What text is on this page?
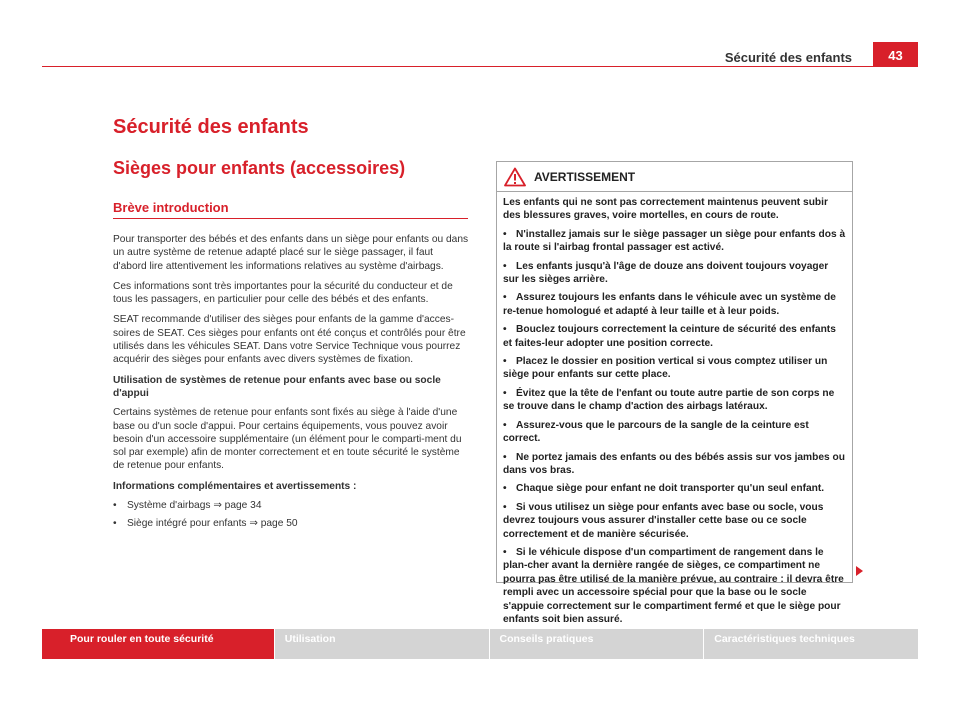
Sécurité des enfants	43
Sécurité des enfants
Sièges pour enfants (accessoires)
Brève introduction

Pour transporter des bébés et des enfants dans un siège pour enfants ou dans un autre système de retenue adapté placé sur le siège passager, il faut d'abord lire attentivement les informations relatives au système d'airbags.

Ces informations sont très importantes pour la sécurité du conducteur et de tous les passagers, en particulier pour celle des bébés et des enfants.

SEAT recommande d'utiliser des sièges pour enfants de la gamme d'acces-soires de SEAT. Ces sièges pour enfants ont été conçus et contrôlés pour être utilisés dans les véhicules SEAT. Dans votre Service Technique vous pourrez acquérir des sièges pour enfants avec divers systèmes de fixation.

Utilisation de systèmes de retenue pour enfants avec base ou socle d'appui

Certains systèmes de retenue pour enfants sont fixés au siège à l'aide d'une base ou d'un socle d'appui. Pour certains équipements, vous pouvez avoir besoin d'un accessoire supplémentaire (un élément pour le comparti-ment du sol par exemple) afin de monter correctement et en toute sécurité le système de retenue pour enfants.

Informations complémentaires et avertissements :

•	Système d'airbags ⇒ page 34
•	Siège intégré pour enfants ⇒ page 50
AVERTISSEMENT

Les enfants qui ne sont pas correctement maintenus peuvent subir des blessures graves, voire mortelles, en cours de route.

• N'installez jamais sur le siège passager un siège pour enfants dos à la route si l'airbag frontal passager est activé.

• Les enfants jusqu'à l'âge de douze ans doivent toujours voyager sur les sièges arrière.

• Assurez toujours les enfants dans le véhicule avec un système de re-tenue homologué et adapté à leur taille et à leur poids.

• Bouclez toujours correctement la ceinture de sécurité des enfants et faites-leur adopter une position correcte.

• Placez le dossier en position vertical si vous comptez utiliser un siège pour enfants sur cette place.

• Évitez que la tête de l'enfant ou toute autre partie de son corps ne se trouve dans le champ d'action des airbags latéraux.

• Assurez-vous que le parcours de la sangle de la ceinture est correct.

• Ne portez jamais des enfants ou des bébés assis sur vos jambes ou dans vos bras.

• Chaque siège pour enfant ne doit transporter qu'un seul enfant.

• Si vous utilisez un siège pour enfants avec base ou socle, vous devrez toujours vous assurer d'installer cette base ou ce socle correctement et de manière sécurisée.

• Si le véhicule dispose d'un compartiment de rangement dans le plan-cher avant la dernière rangée de sièges, ce compartiment ne pourra pas être utilisé de la manière prévue, au contraire : il devra être rempli avec un accessoire spécial pour que la base ou le socle s'appuie correctement sur le compartiment fermé et que le siège pour enfants soit bien assuré.

Pour rouler en toute sécurité	Utilisation	Conseils pratiques	Caractéristiques techniques
